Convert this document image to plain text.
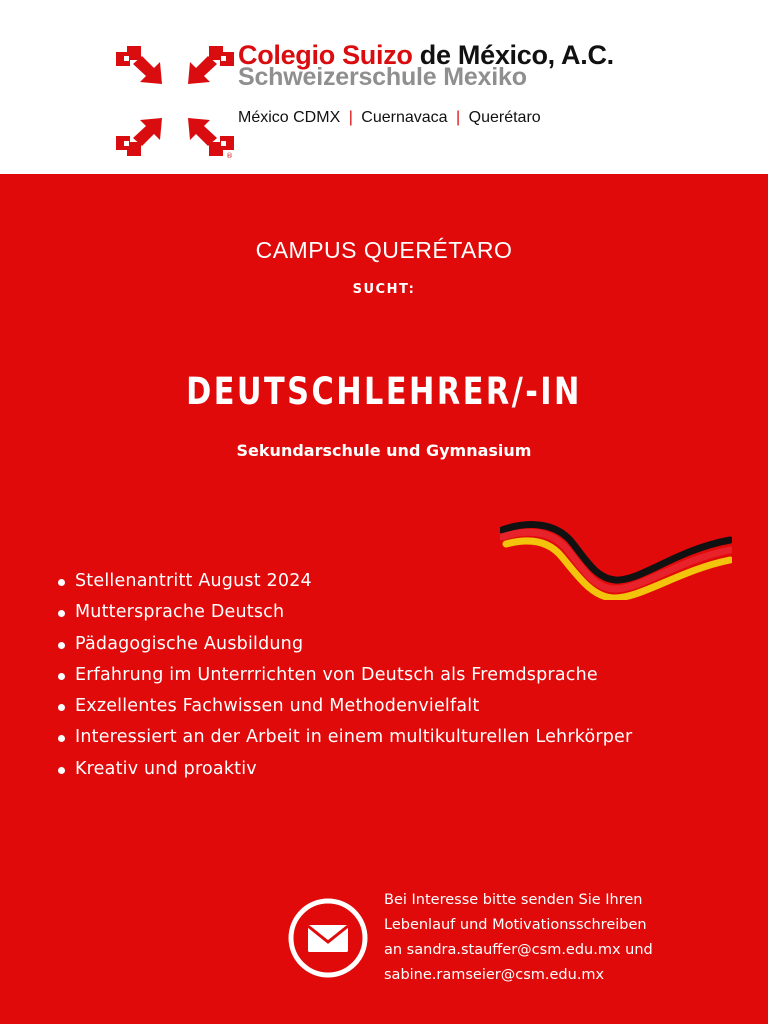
®
Colegio Suizo de México, A.C.
Schweizerschule Mexiko
México CDMX | Cuernavaca | Querétaro
CAMPUS QUERÉTARO
SUCHT:
DEUTSCHLEHRER/-IN
Sekundarschule und Gymnasium
Stellenantritt August 2024
Muttersprache Deutsch
Pädagogische Ausbildung
Erfahrung im Unterrrichten von Deutsch als Fremdsprache
Exzellentes Fachwissen und Methodenvielfalt
Interessiert an der Arbeit in einem multikulturellen Lehrkörper
Kreativ und proaktiv
Bei Interesse bitte senden Sie Ihren
Lebenlauf und Motivationsschreiben
an sandra.stauffer@csm.edu.mx und
sabine.ramseier@csm.edu.mx
